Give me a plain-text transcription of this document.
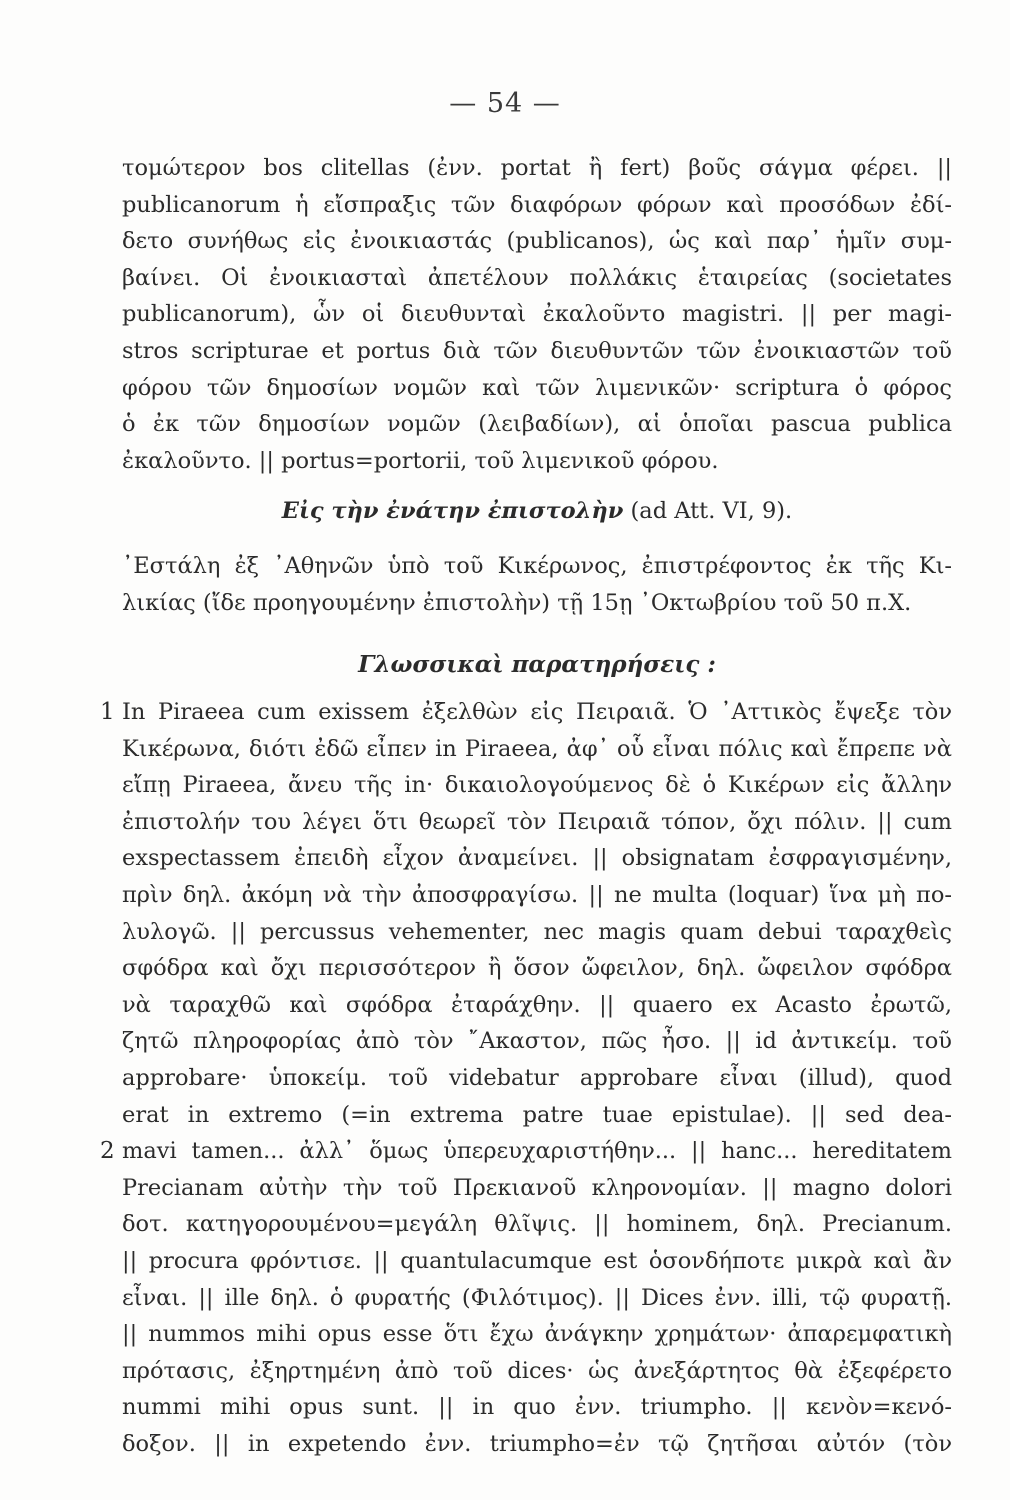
— 54 —
τομώτερον bos clitellas (ἐνν. portat ἢ fert) βοῦς σάγμα φέρει. ||
publicanorum ἡ εἴσπραξις τῶν διαφόρων φόρων καὶ προσόδων ἐδί-
δετο συνήθως εἰς ἐνοικιαστάς (publicanos), ὡς καὶ παρ᾿ ἡμῖν συμ-
βαίνει. Οἱ ἐνοικιασταὶ ἀπετέλουν πολλάκις ἑταιρείας (societates
publicanorum), ὧν οἱ διευθυνταὶ ἐκαλοῦντο magistri. || per magi-
stros scripturae et portus διὰ τῶν διευθυντῶν τῶν ἐνοικιαστῶν τοῦ
φόρου τῶν δημοσίων νομῶν καὶ τῶν λιμενικῶν· scriptura ὁ φόρος
ὁ ἐκ τῶν δημοσίων νομῶν (λειβαδίων), αἱ ὁποῖαι pascua publica
ἐκαλοῦντο. || portus=portorii, τοῦ λιμενικοῦ φόρου.
Εἰς τὴν ἐνάτην ἐπιστολὴν (ad Att. VI, 9).
᾿Εστάλη ἐξ ᾿Αθηνῶν ὑπὸ τοῦ Κικέρωνος, ἐπιστρέφοντος ἐκ τῆς Κι-
λικίας (ἴδε προηγουμένην ἐπιστολὴν) τῇ 15ῃ ᾿Οκτωβρίου τοῦ 50 π.Χ.
Γλωσσικαὶ παρατηρήσεις :
1 In Piraeea cum exissem ἐξελθὼν εἰς Πειραιᾶ. Ὁ ᾿Αττικὸς ἔψεξε τὸν
Κικέρωνα, διότι ἐδῶ εἶπεν in Piraeea, ἀφ᾿ οὗ εἶναι πόλις καὶ ἔπρεπε νὰ
εἴπῃ Piraeea, ἄνευ τῆς in· δικαιολογούμενος δὲ ὁ Κικέρων εἰς ἄλλην
ἐπιστολήν του λέγει ὅτι θεωρεῖ τὸν Πειραιᾶ τόπον, ὄχι πόλιν. || cum
exspectassem ἐπειδὴ εἶχον ἀναμείνει. || obsignatam ἐσφραγισμένην,
πρὶν δηλ. ἀκόμη νὰ τὴν ἀποσφραγίσω. || ne multa (loquar) ἵνα μὴ πο-
λυλογῶ. || percussus vehementer, nec magis quam debui ταραχθεὶς
σφόδρα καὶ ὄχι περισσότερον ἢ ὅσον ὤφειλον, δηλ. ὤφειλον σφόδρα
νὰ ταραχθῶ καὶ σφόδρα ἐταράχθην. || quaero ex Acasto ἐρωτῶ,
ζητῶ πληροφορίας ἀπὸ τὸν ῎Ακαστον, πῶς ἦσο. || id ἀντικείμ. τοῦ
approbare· ὑποκείμ. τοῦ videbatur approbare εἶναι (illud), quod
erat in extremo (=in extrema patre tuae epistulae). || sed dea-
2 mavi tamen... ἀλλ᾿ ὅμως ὑπερευχαριστήθην... || hanc... hereditatem
Precianam αὐτὴν τὴν τοῦ Πρεκιανοῦ κληρονομίαν. || magno dolori
δοτ. κατηγορουμένου=μεγάλη θλῖψις. || hominem, δηλ. Precianum.
|| procura φρόντισε. || quantulacumque est ὁσονδήποτε μικρὰ καὶ ἂν
εἶναι. || ille δηλ. ὁ φυρατής (Φιλότιμος). || Dices ἐνν. illi, τῷ φυρατῇ.
|| nummos mihi opus esse ὅτι ἔχω ἀνάγκην χρημάτων· ἀπαρεμφατικὴ
πρότασις, ἐξηρτημένη ἀπὸ τοῦ dices· ὡς ἀνεξάρτητος θὰ ἐξεφέρετο
nummi mihi opus sunt. || in quo ἐνν. triumpho. || κενὸν=κενό-
δοξον. || in expetendo ἐνν. triumpho=ἐν τῷ ζητῆσαι αὐτόν (τὸν
